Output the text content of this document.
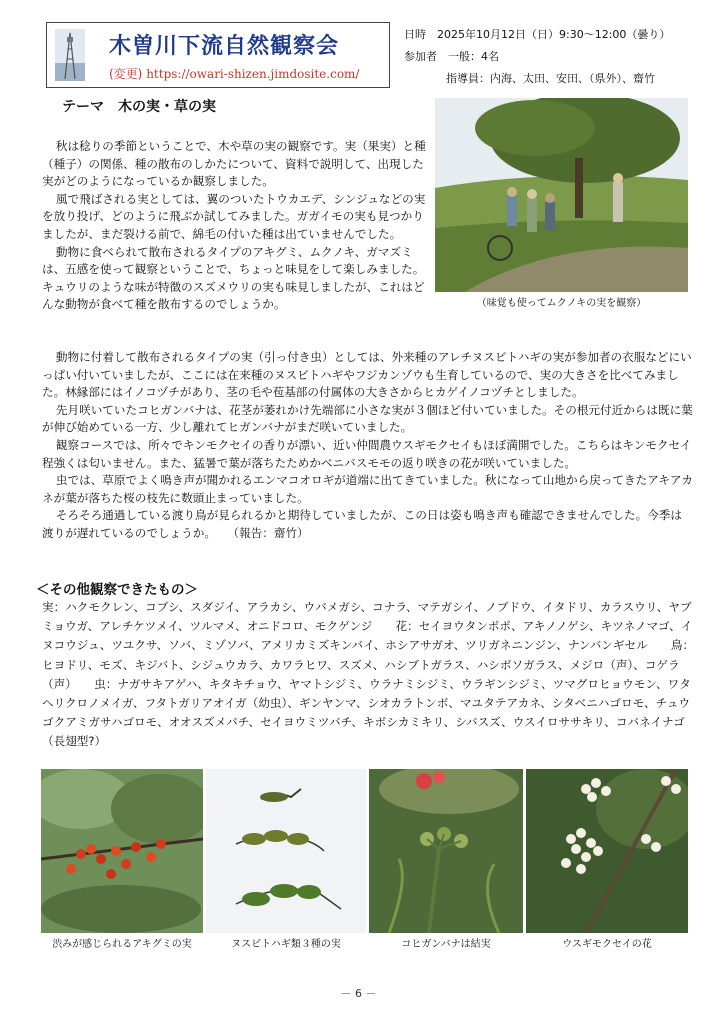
木曽川下流自然観察会
(変更) https://owari-shizen.jimdosite.com/
日時　2025年10月12日（日）9:30～12:00（曇り）
参加者　一般：4名
指導員：内海、太田、安田、（県外）、齋竹
テーマ　木の実・草の実

秋は稔りの季節ということで、木や草の実の観察です。実（果実）と種（種子）の関係、種の散布のしかたについて、資料で説明して、出現した実がどのようになっているか観察しました。

風で飛ばされる実としては、翼のついたトウカエデ、シンジュなどの実を放り投げ、どのように飛ぶか試してみました。ガガイモの実も見つかりましたが、まだ裂ける前で、綿毛の付いた種は出ていませんでした。

動物に食べられて散布されるタイプのアキグミ、ムクノキ、ガマズミは、五感を使って観察ということで、ちょっと味見をして楽しみました。キュウリのような味が特徴のスズメウリの実も味見しましたが、これはどんな動物が食べて種を散布するのでしょうか。	（味覚も使ってムクノキの実を観察）

動物に付着して散布されるタイプの実（引っ付き虫）としては、外来種のアレチヌスビトハギの実が参加者の衣服などにいっぱい付いていましたが、ここには在来種のヌスビトハギやフジカンゾウも生育しているので、実の大きさを比べてみました。林縁部にはイノコヅチがあり、茎の毛や苞基部の付属体の大きさからヒカゲイノコヅチとしました。

先月咲いていたコヒガンバナは、花茎が萎れかけ先端部に小さな実が３個ほど付いていました。その根元付近からは既に葉が伸び始めている一方、少し離れてヒガンバナがまだ咲いていました。

観察コースでは、所々でキンモクセイの香りが漂い、近い仲間農ウスギモクセイもほぼ満開でした。こちらはキンモクセイ程強くは匂いません。また、猛暑で葉が落ちたためかベニバスモモの返り咲きの花が咲いていました。

虫では、草原でよく鳴き声が聞かれるエンマコオロギが道端に出てきていました。秋になって山地から戻ってきたアキアカネが葉が落ちた桜の枝先に数頭止まっていました。

そろそろ通過している渡り鳥が見られるかと期待していましたが、この日は姿も鳴き声も確認できませんでした。今季は渡りが遅れているのでしょうか。　　（報告：齋竹）

＜その他観察できたもの＞
実：ハクモクレン、コブシ、スダジイ、アラカシ、ウバメガシ、コナラ、マテガシイ、ノブドウ、イタドリ、カラスウリ、ヤブミョウガ、アレチケツメイ、ツルマメ、オニドコロ、モクゲンジ　　花：セイヨウタンポポ、アキノノゲシ、キツネノマゴ、イヌコウジュ、ツユクサ、ソバ、ミゾソバ、アメリカミズキンバイ、ホシアサガオ、ツリガネニンジン、ナンバンギセル　　鳥：ヒヨドリ、モズ、キジバト、シジュウカラ、カワラヒワ、スズメ、ハシブトガラス、ハシボソガラス、メジロ（声）、コゲラ（声）　　虫：ナガサキアゲハ、キタキチョウ、ヤマトシジミ、ウラナミシジミ、ウラギンシジミ、ツマグロヒョウモン、ワタヘリクロノメイガ、フタトガリアオイガ（幼虫）、ギンヤンマ、シオカラトンボ、マユタテアカネ、シタベニハゴロモ、チュウゴクアミガサハゴロモ、オオスズメバチ、セイヨウミツバチ、キボシカミキリ、シバスズ、ウスイロササキリ、コバネイナゴ（長翅型?）
渋みが感じられるアキグミの実	ヌスビトハギ類３種の実	コヒガンバナは結実	ウスギモクセイの花
－ 6 －
